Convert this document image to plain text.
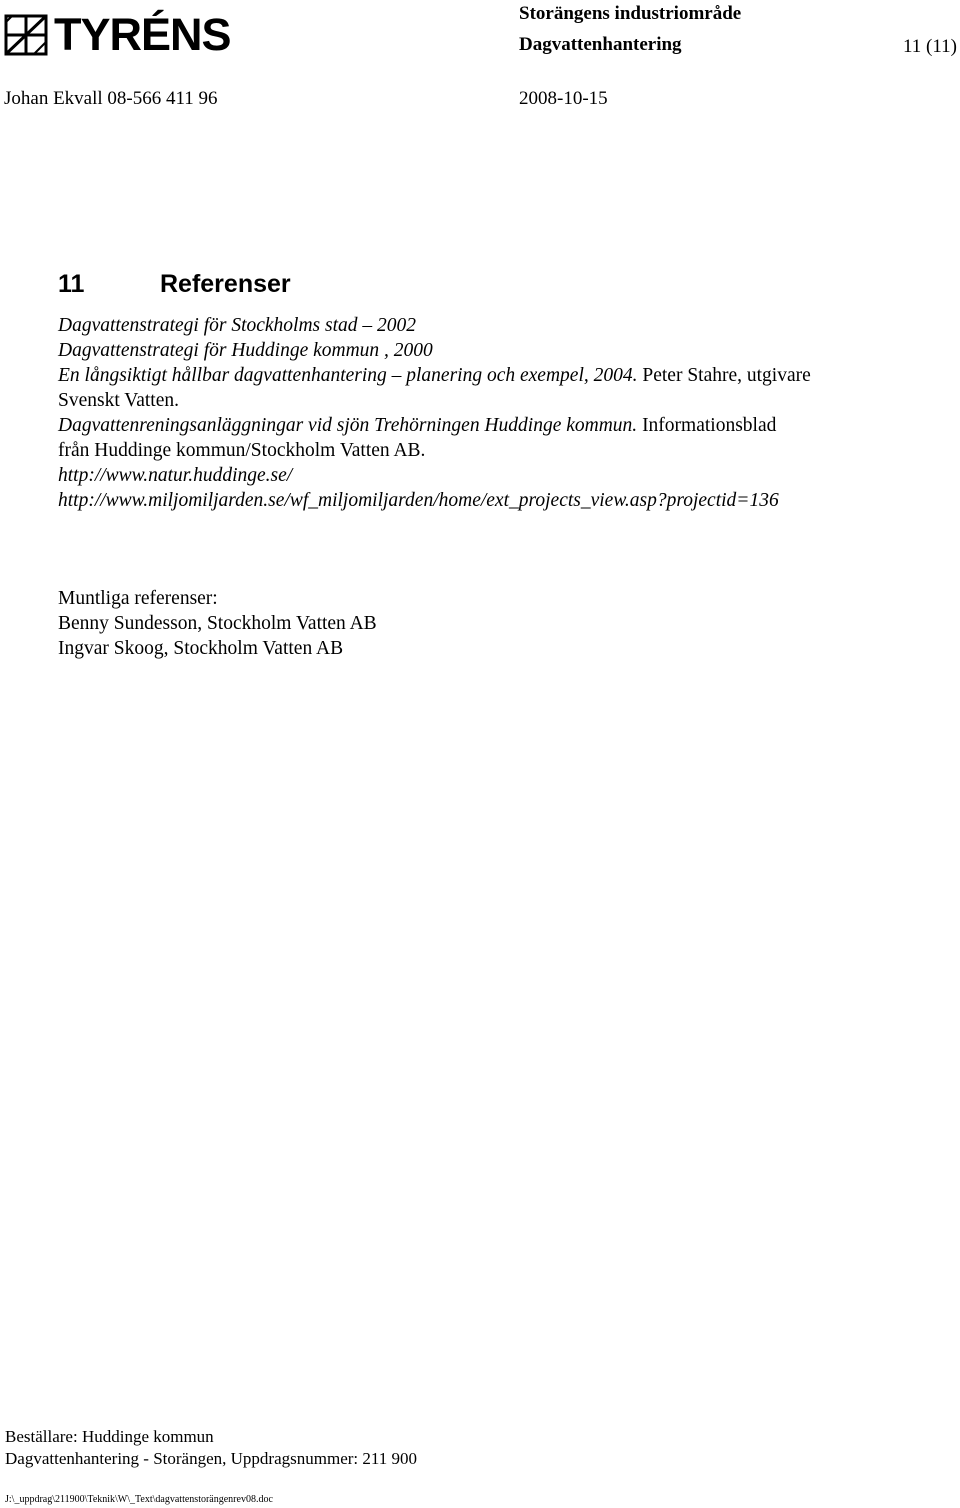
TYRÉNS	Storängens industriområde
Dagvattenhantering	11 (11)
Johan Ekvall 08-566 411 96	2008-10-15
11	Referenser

Dagvattenstrategi för Stockholms stad – 2002

Dagvattenstrategi för Huddinge kommun , 2000

En långsiktigt hållbar dagvattenhantering – planering och exempel, 2004. Peter Stahre, utgivare

Svenskt Vatten.

Dagvattenreningsanläggningar vid sjön Trehörningen Huddinge kommun. Informationsblad

från Huddinge kommun/Stockholm Vatten AB.

http://www.natur.huddinge.se/

http://www.miljomiljarden.se/wf_miljomiljarden/home/ext_projects_view.asp?projectid=136

Muntliga referenser:

Benny Sundesson, Stockholm Vatten AB

Ingvar Skoog, Stockholm Vatten AB

Beställare: Huddinge kommun

Dagvattenhantering - Storängen, Uppdragsnummer: 211 900

J:\_uppdrag\211900\Teknik\W\_Text\dagvattenstorängenrev08.doc
